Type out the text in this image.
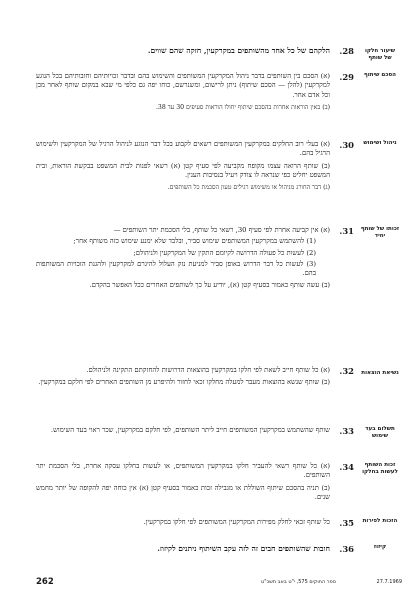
שיעור חלקו
של שותף
28.
הלקהם של כל אחד מהשותפים במקרקעין, חזקה שהם שווים.
הסכם שיתוף
29.
(א) הסכם בין השותפים בדבר ניהול המקרקעין המשותפים והשימוש בהם ובדבר זכויותיהם וחובותיהם בכל הנוגע למקרקעין (להלן — הסכם שיתוף) ניתן לרישום, ומשנרשם, כוחו יפה גם כלפי מי שבא במקום שותף לאחר מכן וכל אדם אחר.
(ב) באין הוראות אחרות בהסכם שיתוף יחולו הוראות סעיפים 30 עד 38.
ניהול ושימוש
30.
(א) בעלי רוב החלקים במקרקעין המשותפים רשאים לקבוע בכל דבר הנוגע לניהול הרגיל של המקרקעין ולשימוש הרגיל בהם.
(ב) שותף הרואה עצמו מקופח מקביעה לפי סעיף קטן (א) רשאי לפנות לבית המשפט בבקשת הוראות, ובית המשפט יחליט כפי שנראה לו צודק ויעיל בנסיבות הענין.
(ג) דבר החורג מניהול או משימוש רגילים טעון הסכמת כל השותפים.
זכותו של שותף
יחיד
31.
(א) אין קביעה אחרת לפי סעיף 30, רשאי כל שותף, בלי הסכמת יתר השותפים —
(1) להשתמש במקרקעין המשותפים שימוש סביר, ובלבד שלא ימנע שימוש כזה משותף אחר;
(2) לעשות כל פעולה הדרושה לקיומם התקין של המקרקעין ולניהולם;
(3) לעשות כל דבר הדרוש באופן סביר למניעת נזק העלול להיגרם למקרקעין ולהגנת הזכויות המשותפות בהם.
(ב) עשה שותף כאמור בסעיף קטן (א), יודיע על כך לשותפים האחרים ככל האפשר בהקדם.
נשיאת הוצאות
32.
(א) כל שותף חייב לשאת לפי חלקו במקרקעין בהוצאות הדרושות להחזקתם התקינה ולניהולם.
(ב) שותף שנשא בהוצאות מעבר למעלה מחלקו זכאי לחזור ולהיפרע מן השותפים האחרים לפי חלקם במקרקעין.
תשלום בעד
שימוש
33.
שותף שהשתמש במקרקעין המשותפים חייב ליתר השותפים, לפי חלקם במקרקעין, שכר ראוי בעד השימוש.
זכות השותף
לעשות בחלקו
34.
(א) כל שותף רשאי להעביר חלקו במקרקעין המשותפים, או לעשות בחלקו עסקה אחרת, בלי הסכמת יתר השותפים.
(ב) תניה בהסכם שיתוף השוללת או מגבילה זכות כאמור בסעיף קטן (א) אין כוחה יפה להקופה של יותר מחמש שנים.
הזכות לפירות
35.
כל שותף זכאי לחלק מפירות המקרקעין המשותפים לפי חלקו במקרקעין.
קיזוז
36.
חובות שהשותפים חבים זה לזה עקב השיתוף ניתנים לקיזוז.
262	ספר החוקים 575, י"ט באב תשכ"ט	27.7.1969
